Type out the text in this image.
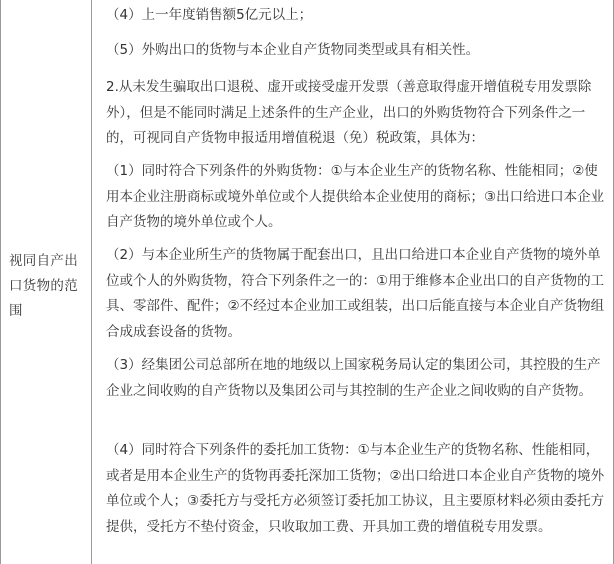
视同自产出口货物的范围
（4）上一年度销售额5亿元以上；
（5）外购出口的货物与本企业自产货物同类型或具有相关性。
2.从未发生骗取出口退税、虚开或接受虚开发票（善意取得虚开增值税专用发票除外），但是不能同时满足上述条件的生产企业，出口的外购货物符合下列条件之一的，可视同自产货物申报适用增值税退（免）税政策，具体为：
（1）同时符合下列条件的外购货物：①与本企业生产的货物名称、性能相同；②使用本企业注册商标或境外单位或个人提供给本企业使用的商标；③出口给进口本企业自产货物的境外单位或个人。
（2）与本企业所生产的货物属于配套出口，且出口给进口本企业自产货物的境外单位或个人的外购货物，符合下列条件之一的：①用于维修本企业出口的自产货物的工具、零部件、配件；②不经过本企业加工或组装，出口后能直接与本企业自产货物组合成成套设备的货物。
（3）经集团公司总部所在地的地级以上国家税务局认定的集团公司，其控股的生产企业之间收购的自产货物以及集团公司与其控制的生产企业之间收购的自产货物。
（4）同时符合下列条件的委托加工货物：①与本企业生产的货物名称、性能相同，或者是用本企业生产的货物再委托深加工货物；②出口给进口本企业自产货物的境外单位或个人；③委托方与受托方必须签订委托加工协议，且主要原材料必须由委托方提供，受托方不垫付资金，只收取加工费、开具加工费的增值税专用发票。
